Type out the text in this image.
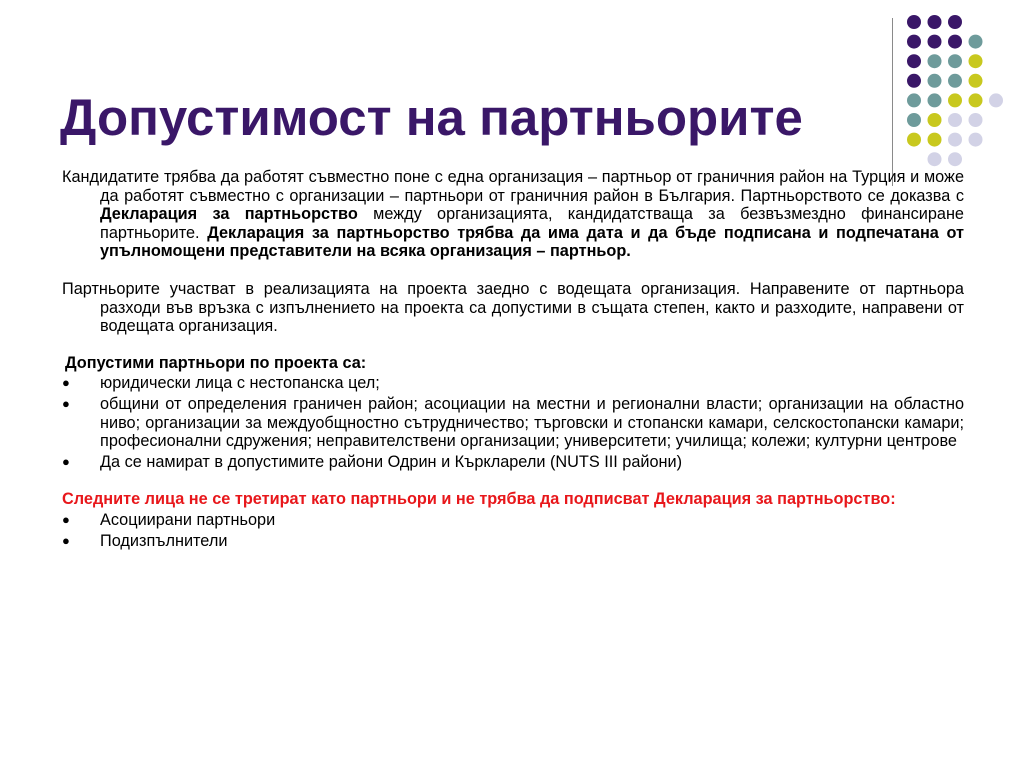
Допустимост на партньорите

Кандидатите трябва да работят съвместно поне с една организация – партньор от граничния район на Турция и може да работят съвместно с организации – партньори от граничния район в България. Партньорството се доказва с Декларация за партньорство между организацията, кандидатстваща за безвъзмездно финансиране партньорите. Декларация за партньорство трябва да има дата и да бъде подписана и подпечатана от упълномощени представители на всяка организация – партньор.

Партньорите участват в реализацията на проекта заедно с водещата организация. Направените от партньора разходи във връзка с изпълнението на проекта са допустими в същата степен, както и разходите, направени от водещата организация.

Допустими партньори по проекта са:
● юридически лица с нестопанска цел;
● общини от определения граничен район; асоциации на местни и регионални власти; организации на областно ниво; организации за междуобщностно сътрудничество; търговски и стопански камари, селскостопански камари; професионални сдружения; неправителствени организации; университети; училища; колежи; културни центрове
● Да се намират в допустимите райони Одрин и Къркларели (NUTS III райони)

Следните лица не се третират като партньори и не трябва да подписват Декларация за партньорство:

● Асоциирани партньори
● Подизпълнители
